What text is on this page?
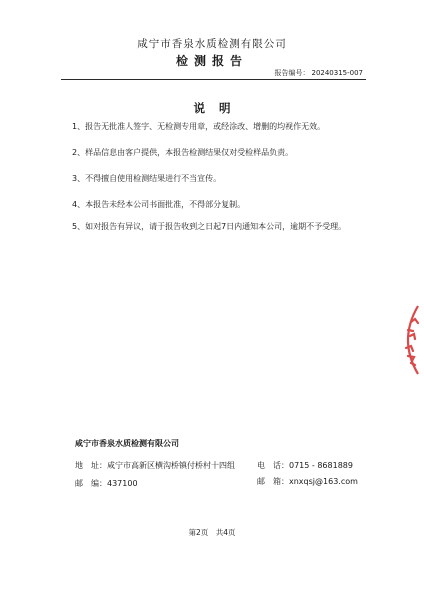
咸宁市香泉水质检测有限公司
检测报告
报告编号： 20240315-007
说明
1、报告无批准人签字、无检测专用章，或经涂改、增删的均视作无效。
2、样品信息由客户提供，本报告检测结果仅对受检样品负责。
3、不得擅自使用检测结果进行不当宣传。
4、本报告未经本公司书面批准，不得部分复制。
5、如对报告有异议，请于报告收到之日起7日内通知本公司，逾期不予受理。
咸宁市香泉水质检测有限公司
地　址：咸宁市高新区横沟桥镇付桥村十四组	电　话：0715 - 8681889
邮　编：437100	邮　箱：xnxqsj@163.com
第2页　共4页
